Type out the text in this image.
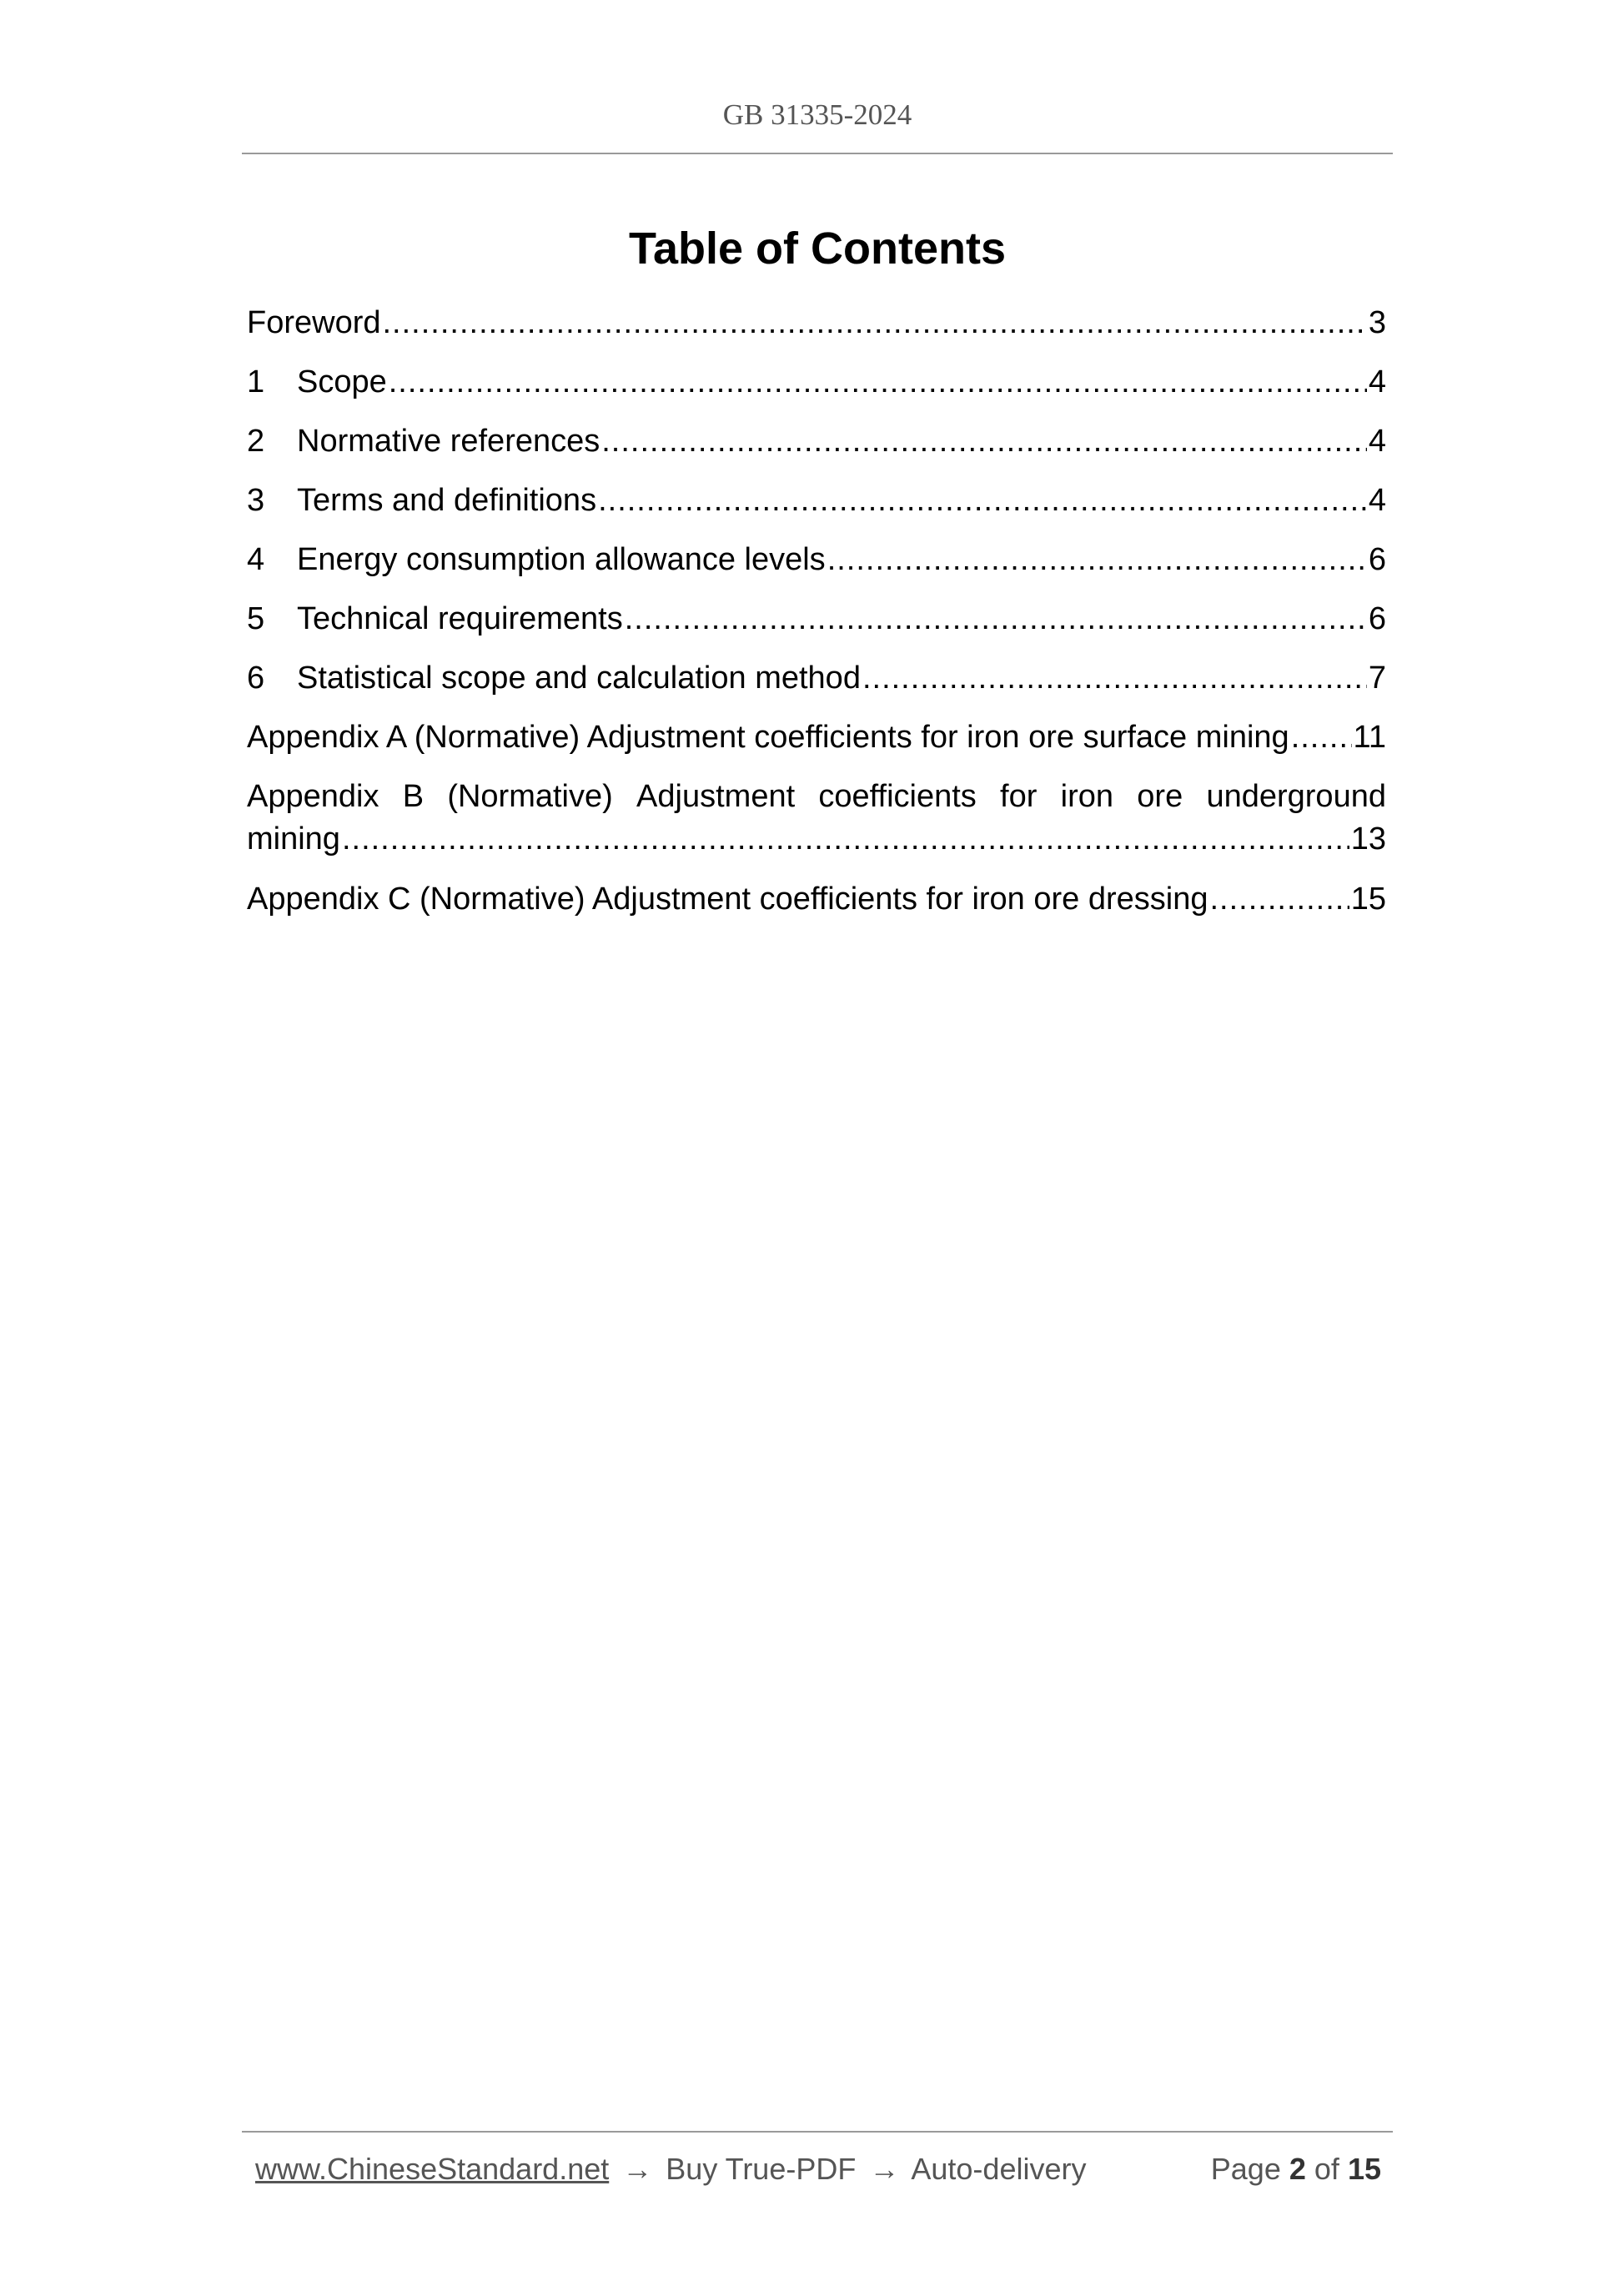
GB 31335-2024
Table of Contents
Foreword .....	3
1	Scope .....	4
2	Normative references .....	4
3	Terms and definitions .....	4
4	Energy consumption allowance levels .....	6
5	Technical requirements .....	6
6	Statistical scope and calculation method .....	7
Appendix A (Normative) Adjustment coefficients for iron ore surface mining ..... 11
Appendix B (Normative) Adjustment coefficients for iron ore underground
mining .....	13
Appendix C (Normative) Adjustment coefficients for iron ore dressing .....	15
www.ChineseStandard.net → Buy True-PDF → Auto-delivery	Page 2 of 15
